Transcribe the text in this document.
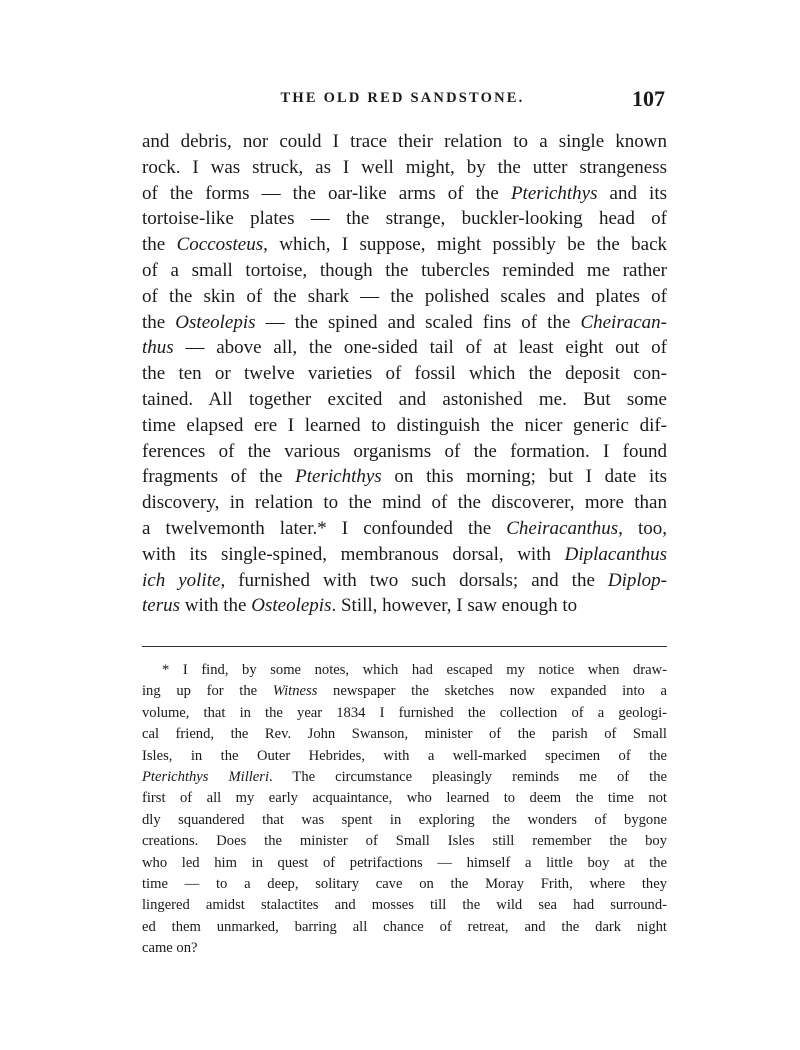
THE OLD RED SANDSTONE.	107
and debris, nor could I trace their relation to a single known
rock. I was struck, as I well might, by the utter strangeness
of the forms — the oar-like arms of the Pterichthys and its
tortoise-like plates — the strange, buckler-looking head of
the Coccosteus, which, I suppose, might possibly be the back
of a small tortoise, though the tubercles reminded me rather
of the skin of the shark — the polished scales and plates of
the Osteolepis — the spined and scaled fins of the Cheiracan-
thus — above all, the one-sided tail of at least eight out of
the ten or twelve varieties of fossil which the deposit con-
tained. All together excited and astonished me. But some
time elapsed ere I learned to distinguish the nicer generic dif-
ferences of the various organisms of the formation. I found
fragments of the Pterichthys on this morning; but I date its
discovery, in relation to the mind of the discoverer, more than
a twelvemonth later.* I confounded the Cheiracanthus, too,
with its single-spined, membranous dorsal, with Diplacanthus
ich yolite, furnished with two such dorsals; and the Diplop-
terus with the Osteolepis. Still, however, I saw enough to
* I find, by some notes, which had escaped my notice when draw-
ing up for the Witness newspaper the sketches now expanded into a
volume, that in the year 1834 I furnished the collection of a geologi-
cal friend, the Rev. John Swanson, minister of the parish of Small
Isles, in the Outer Hebrides, with a well-marked specimen of the
Pterichthys Milleri. The circumstance pleasingly reminds me of the
first of all my early acquaintance, who learned to deem the time not
dly squandered that was spent in exploring the wonders of bygone
creations. Does the minister of Small Isles still remember the boy
who led him in quest of petrifactions — himself a little boy at the
time — to a deep, solitary cave on the Moray Frith, where they
lingered amidst stalactites and mosses till the wild sea had surround-
ed them unmarked, barring all chance of retreat, and the dark night
came on?
